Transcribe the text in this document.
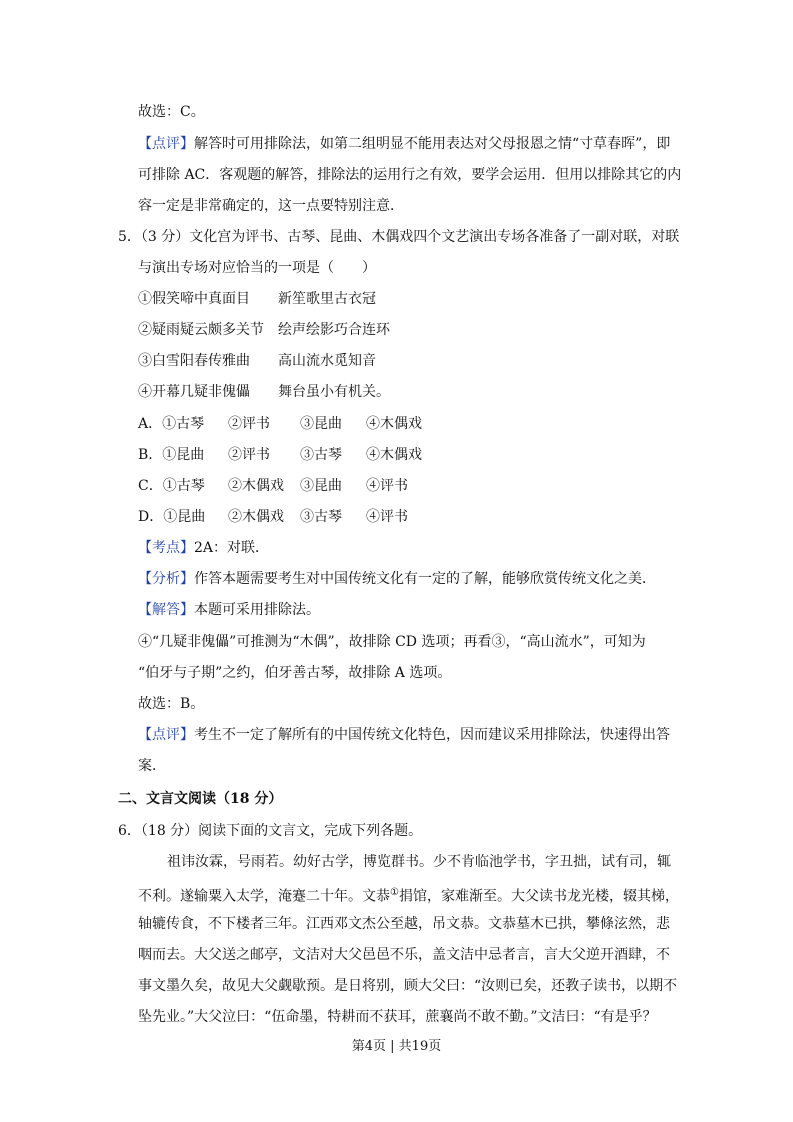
故选：C。
【点评】解答时可用排除法，如第二组明显不能用表达对父母报恩之情“寸草春晖”，即
可排除 AC．客观题的解答，排除法的运用行之有效，要学会运用．但用以排除其它的内
容一定是非常确定的，这一点要特别注意．
5．（3 分）文化宫为评书、古琴、昆曲、木偶戏四个文艺演出专场各准备了一副对联，对联
与演出专场对应恰当的一项是（　　）
①假笑啼中真面目　　新笙歌里古衣冠
②疑雨疑云颇多关节　绘声绘影巧合连环
③白雪阳春传雅曲　　高山流水觅知音
④开幕几疑非傀儡　　舞台虽小有机关。
A．①古琴 ②评书 ③昆曲 ④木偶戏
B．①昆曲 ②评书 ③古琴 ④木偶戏
C．①古琴 ②木偶戏 ③昆曲 ④评书
D．①昆曲 ②木偶戏 ③古琴 ④评书
【考点】2A：对联．
【分析】作答本题需要考生对中国传统文化有一定的了解，能够欣赏传统文化之美．
【解答】本题可采用排除法。
④“几疑非傀儡”可推测为“木偶”，故排除 CD 选项；再看③，“高山流水”，可知为
“伯牙与子期”之约，伯牙善古琴，故排除 A 选项。
故选：B。
【点评】考生不一定了解所有的中国传统文化特色，因而建议采用排除法，快速得出答
案．
二、文言文阅读（18 分）
6．（18 分）阅读下面的文言文，完成下列各题。
祖讳汝霖，号雨若。幼好古学，博览群书。少不肯临池学书，字丑拙，试有司，辄
不利。遂输粟入太学，淹蹇二十年。文恭①捐馆，家难渐至。大父读书龙光楼，辍其梯，
轴辘传食，不下楼者三年。江西邓文杰公至越，吊文恭。文恭墓木已拱，攀條泫然，悲
咽而去。大父送之邮亭，文洁对大父邑邑不乐，盖文洁中忌者言，言大父逆开酒肆，不
事文墨久矣，故见大父觑歇预。是日将别，顾大父曰：“汝则已矣，还教子读书，以期不
坠先业。”大父泣曰：“伍命墨，特耕而不获耳，蔗襄尚不敢不勤。”文洁曰：“有是乎？
第4页 | 共19页
